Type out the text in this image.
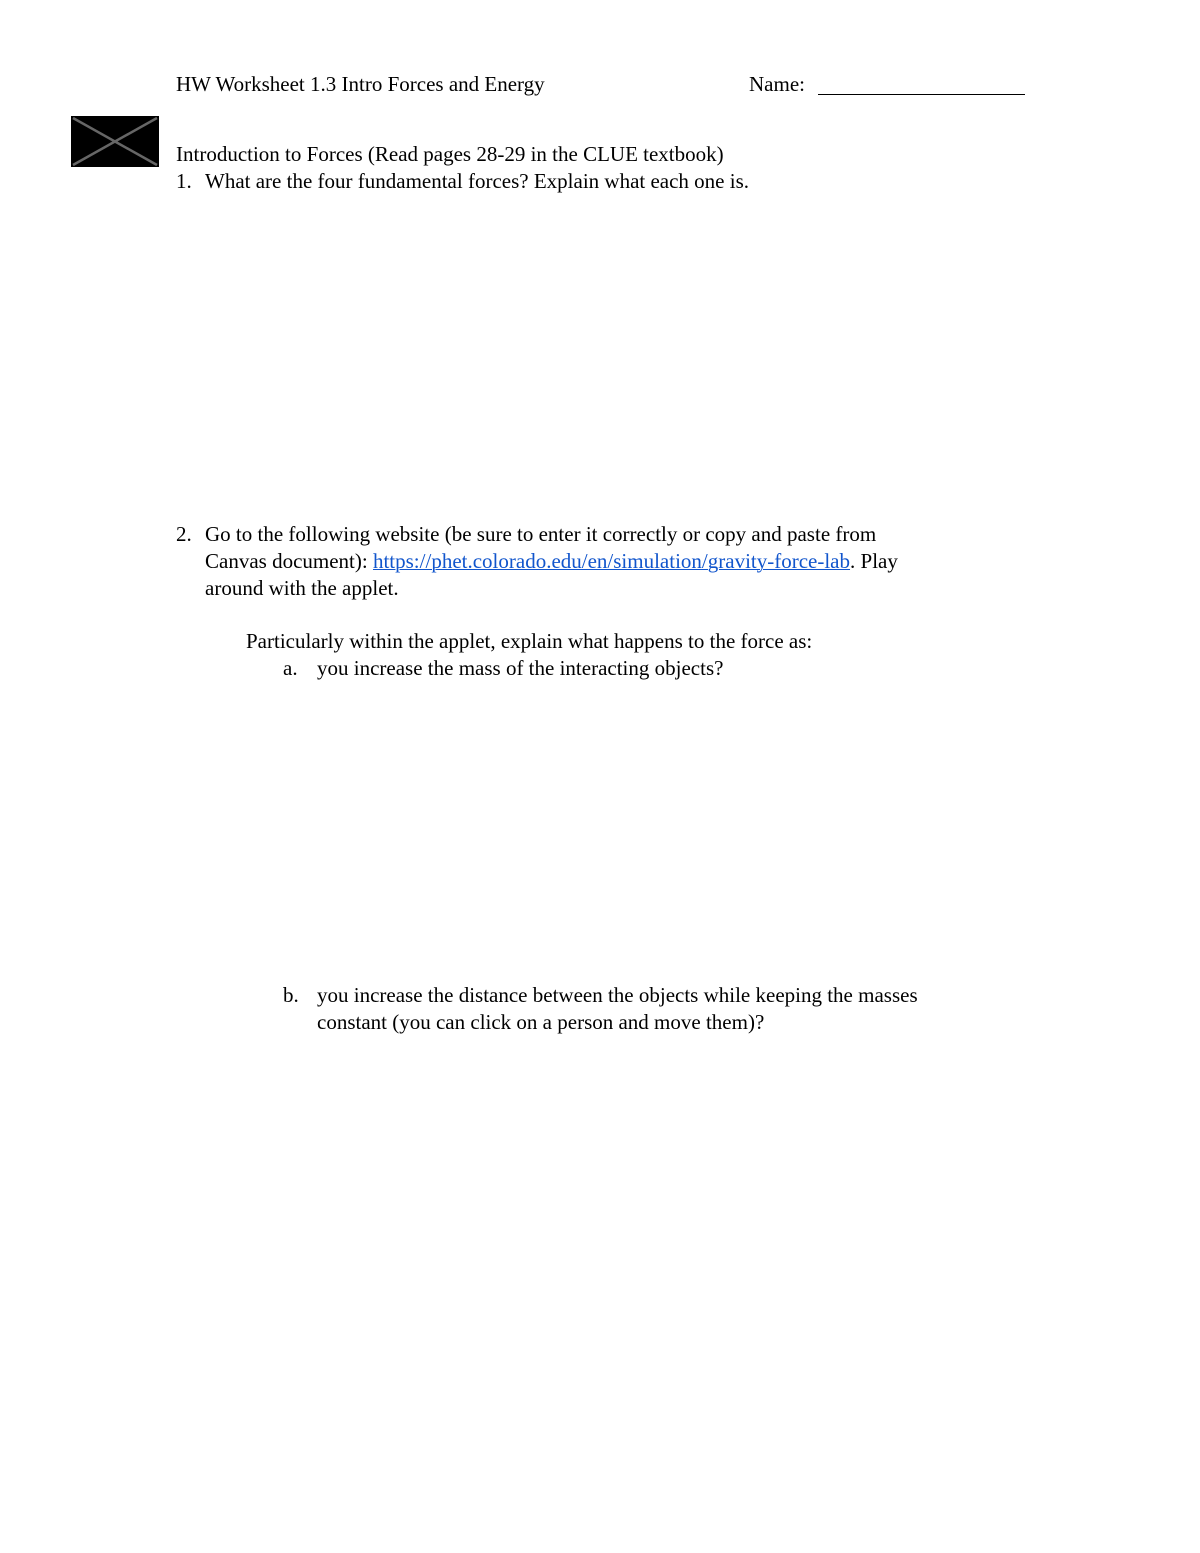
HW Worksheet 1.3 Intro Forces and Energy	Name:
Introduction to Forces (Read pages 28-29 in the CLUE textbook)
1. What are the four fundamental forces? Explain what each one is.
2. Go to the following website (be sure to enter it correctly or copy and paste from
Canvas document): https://phet.colorado.edu/en/simulation/gravity-force-lab. Play
around with the applet.
Particularly within the applet, explain what happens to the force as:
a. you increase the mass of the interacting objects?
b. you increase the distance between the objects while keeping the masses
constant (you can click on a person and move them)?
